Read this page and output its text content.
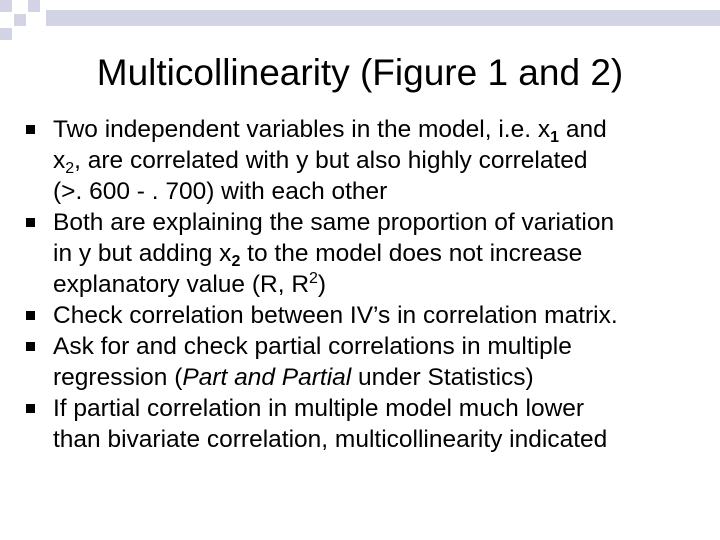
Multicollinearity (Figure 1 and 2)
Two independent variables in the model, i.e. $x_1$ and
$x_2$, are correlated with y but also highly correlated
(>. 600 - . 700) with each other
Both are explaining the same proportion of variation
in y but adding $x_2$ to the model does not increase
explanatory value (R, $R^2$)
Check correlation between IV’s in correlation matrix.
Ask for and check partial correlations in multiple
regression (Part and Partial under Statistics)
If partial correlation in multiple model much lower
than bivariate correlation, multicollinearity indicated
